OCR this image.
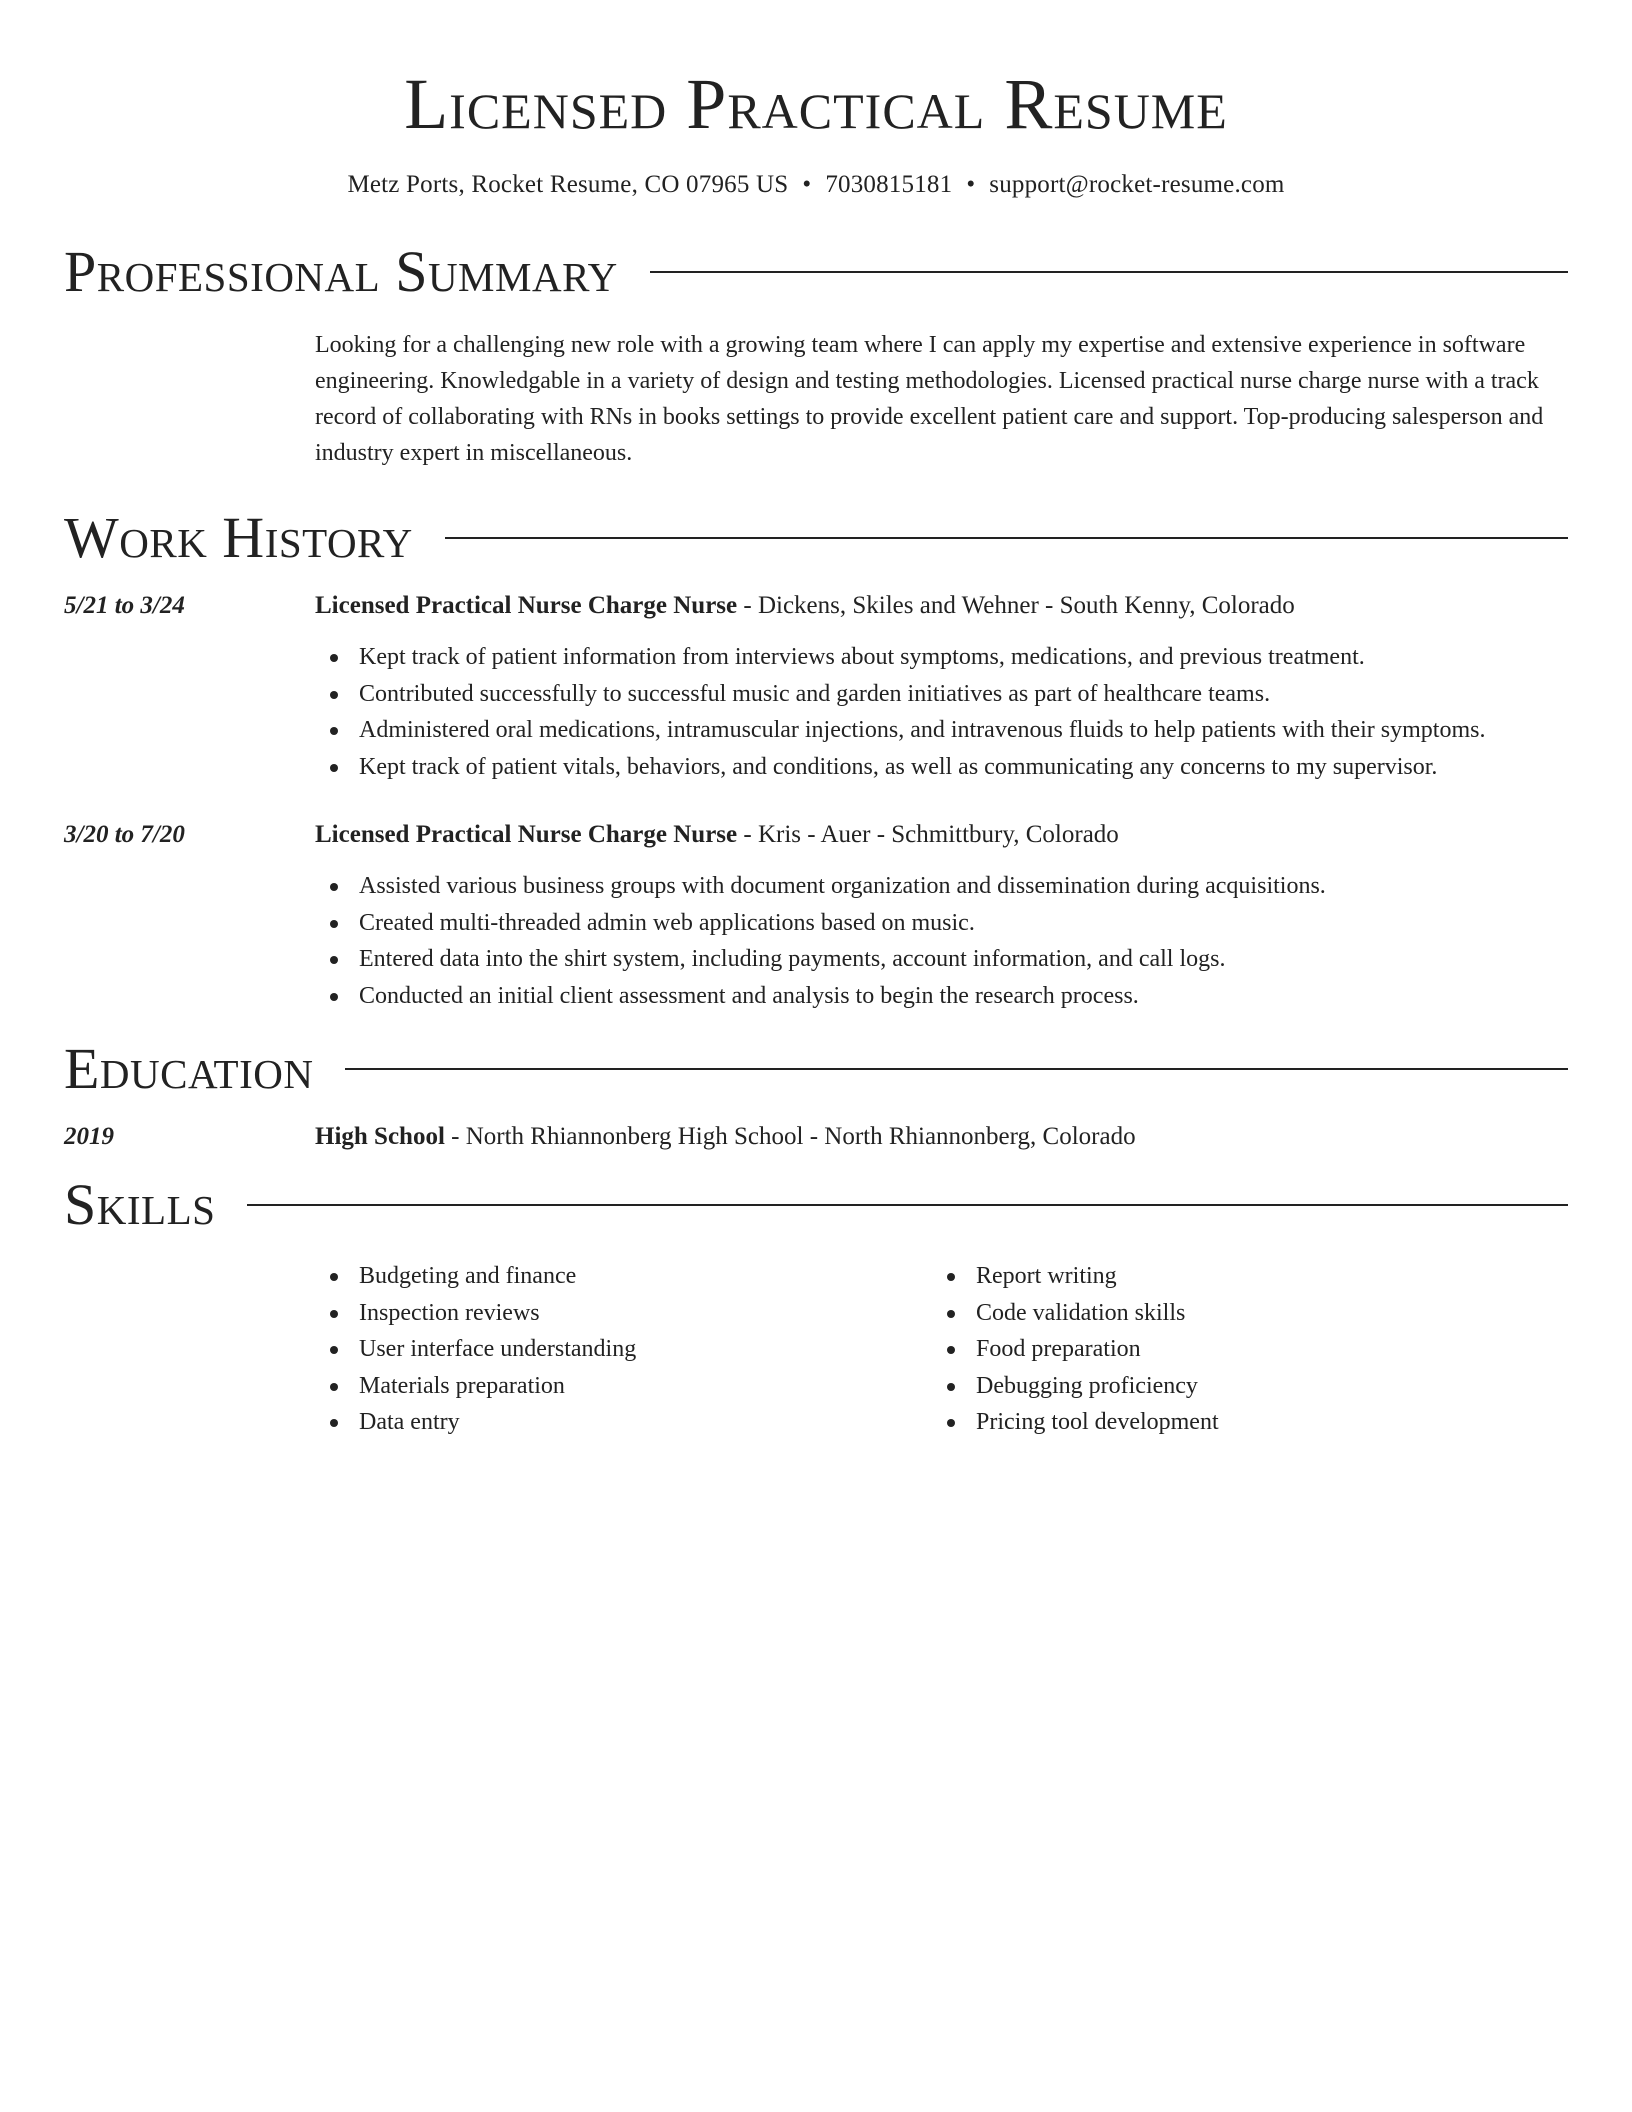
Licensed Practical Resume
Metz Ports, Rocket Resume, CO 07965 US • 7030815181 • support@rocket-resume.com
Professional Summary

Looking for a challenging new role with a growing team where I can apply my expertise and extensive experience in software engineering. Knowledgable in a variety of design and testing methodologies. Licensed practical nurse charge nurse with a track record of collaborating with RNs in books settings to provide excellent patient care and support. Top-producing salesperson and industry expert in miscellaneous.

Work History
5/21 to 3/24	Licensed Practical Nurse Charge Nurse - Dickens, Skiles and Wehner - South Kenny, Colorado
Kept track of patient information from interviews about symptoms, medications, and previous treatment.
Contributed successfully to successful music and garden initiatives as part of healthcare teams.
Administered oral medications, intramuscular injections, and intravenous fluids to help patients with their symptoms.
Kept track of patient vitals, behaviors, and conditions, as well as communicating any concerns to my supervisor.
3/20 to 7/20	Licensed Practical Nurse Charge Nurse - Kris - Auer - Schmittbury, Colorado
Assisted various business groups with document organization and dissemination during acquisitions.
Created multi-threaded admin web applications based on music.
Entered data into the shirt system, including payments, account information, and call logs.
Conducted an initial client assessment and analysis to begin the research process.
Education
2019	High School - North Rhiannonberg High School - North Rhiannonberg, Colorado
Skills
Budgeting and finance
Inspection reviews
User interface understanding
Materials preparation
Data entry
Report writing
Code validation skills
Food preparation
Debugging proficiency
Pricing tool development
